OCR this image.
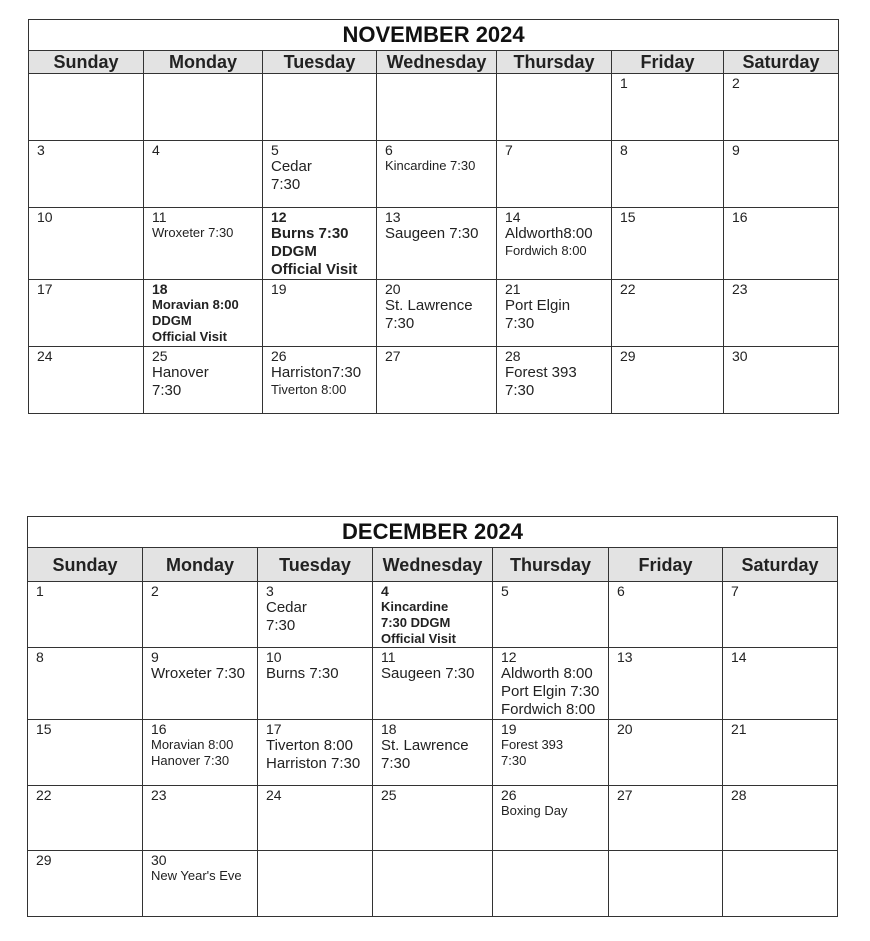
NOVEMBER 2024						
Sunday	Monday	Tuesday	Wednesday	Thursday	Friday	Saturday

					1	2

3	4	5
Cedar
7:30	6
Kincardine 7:30	7	8	9

10	11
Wroxeter 7:30	12
Burns 7:30
DDGM
Official Visit	13
Saugeen 7:30	14
Aldworth8:00
Fordwich 8:00	15	16

17	18
Moravian 8:00
DDGM
Official Visit	19	20
St. Lawrence
7:30	21
Port Elgin
7:30	22	23

24	25
Hanover
7:30	26
Harriston7:30
Tiverton 8:00	27	28
Forest 393
7:30	29	30
DECEMBER 2024						
Sunday	Monday	Tuesday	Wednesday	Thursday	Friday	Saturday

1	2	3
Cedar
7:30	4
Kincardine
7:30 DDGM
Official Visit	5	6	7

8	9
Wroxeter 7:30	10
Burns 7:30	11
Saugeen 7:30	12
Aldworth 8:00
Port Elgin 7:30
Fordwich 8:00	13	14

15	16
Moravian 8:00
Hanover 7:30	17
Tiverton 8:00
Harriston 7:30	18
St. Lawrence
7:30	19
Forest 393
7:30	20	21

22	23	24	25	26
Boxing Day	27	28

29	30
New Year's Eve					
